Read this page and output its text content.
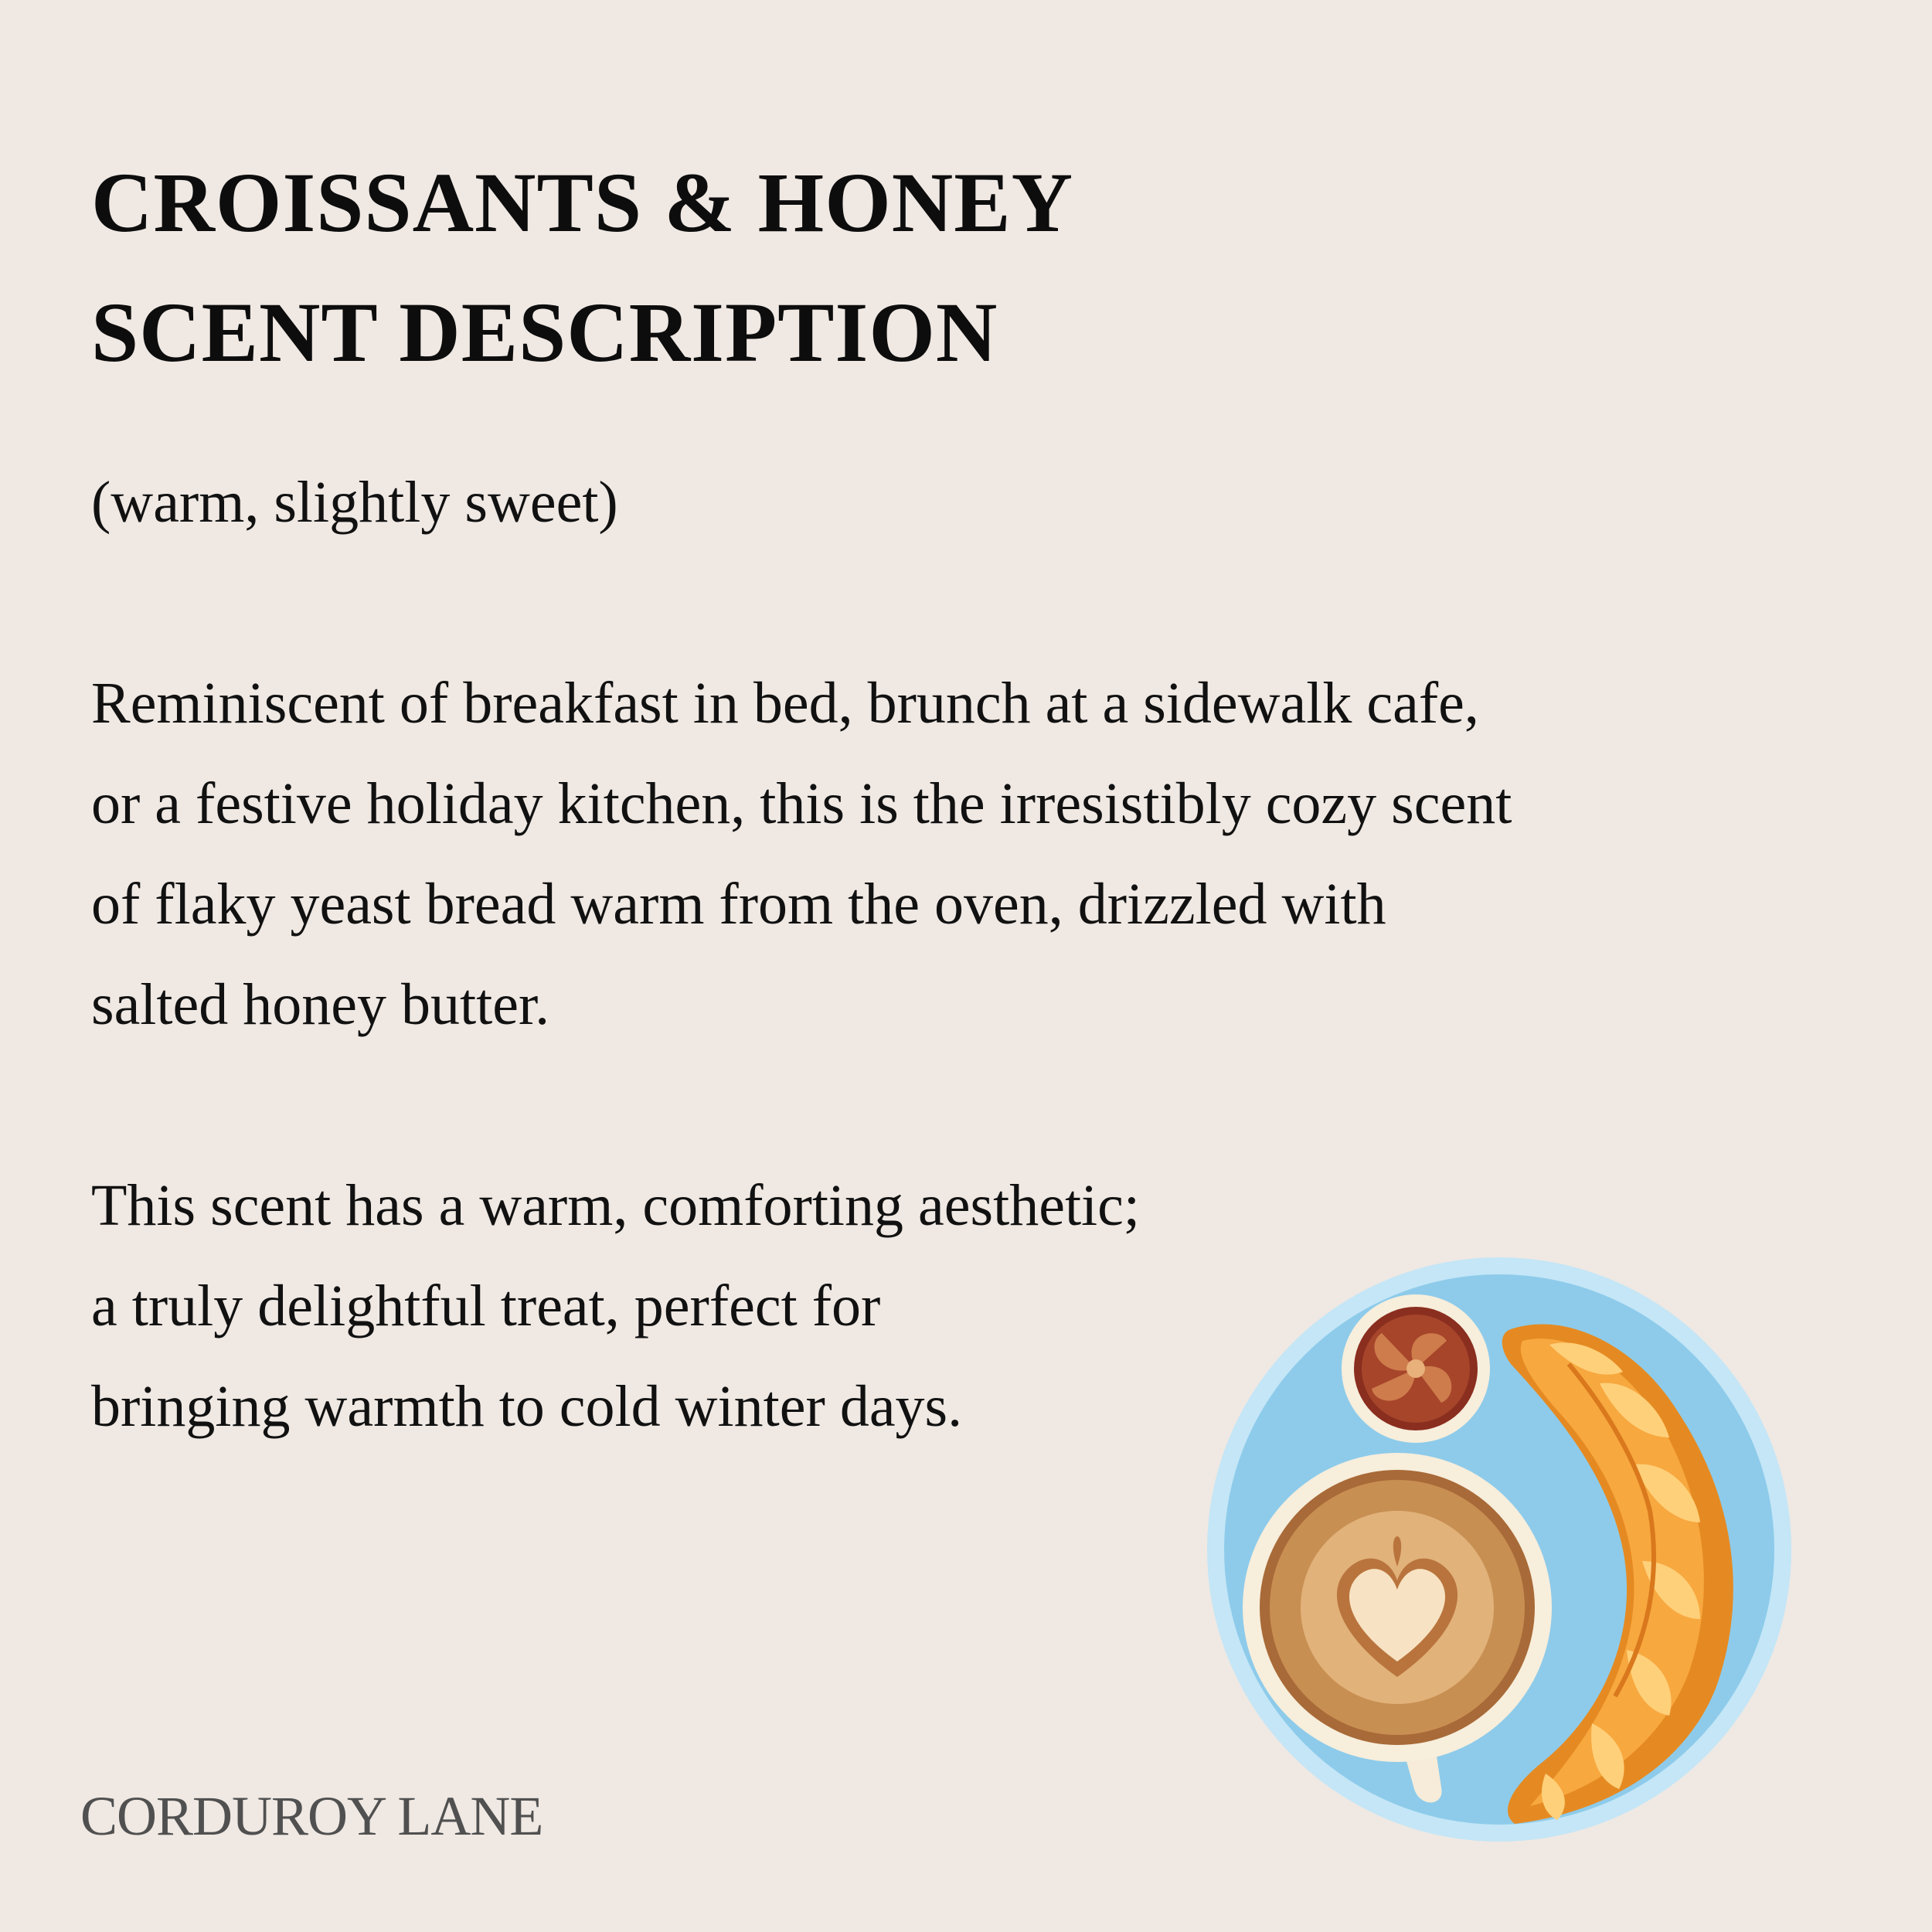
CROISSANTS & HONEY
SCENT DESCRIPTION

(warm, slightly sweet)

Reminiscent of breakfast in bed, brunch at a sidewalk cafe,
or a festive holiday kitchen, this is the irresistibly cozy scent
of flaky yeast bread warm from the oven, drizzled with
salted honey butter.

This scent has a warm, comforting aesthetic;
a truly delightful treat, perfect for
bringing warmth to cold winter days.

CORDUROY LANE
